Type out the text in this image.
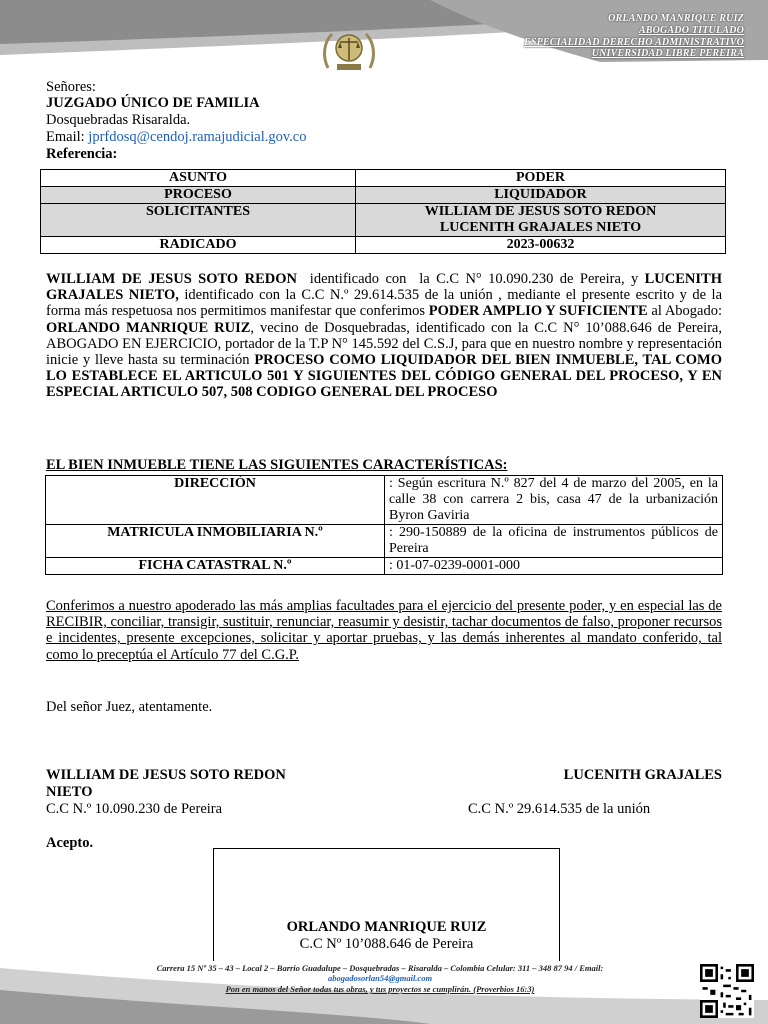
ORLANDO MANRIQUE RUIZ
ABOGADO TITULADO
ESPECIALIDAD DERECHO ADMINISTRATIVO
UNIVERSIDAD LIBRE PEREIRA
Señores:
JUZGADO ÚNICO DE FAMILIA
Dosquebradas Risaralda.
Email: jprfdosq@cendoj.ramajudicial.gov.co
Referencia:
ASUNTO	PODER
PROCESO	LIQUIDADOR
SOLICITANTES	WILLIAM DE JESUS SOTO REDON
LUCENITH GRAJALES NIETO

RADICADO	2023-00632
WILLIAM DE JESUS SOTO REDON  identificado con  la C.C N° 10.090.230 de Pereira, y LUCENITH GRAJALES NIETO, identificado con la C.C N.º 29.614.535 de la unión , mediante el presente escrito y de la forma más respetuosa nos permitimos manifestar que conferimos PODER AMPLIO Y SUFICIENTE al Abogado: ORLANDO MANRIQUE RUIZ, vecino de Dosquebradas, identificado con la C.C N° 10’088.646 de Pereira, ABOGADO EN EJERCICIO, portador de la T.P N° 145.592 del C.S.J, para que en nuestro nombre y representación inicie y lleve hasta su terminación PROCESO COMO LIQUIDADOR DEL BIEN INMUEBLE, TAL COMO LO ESTABLECE EL ARTICULO 501 Y SIGUIENTES DEL CÓDIGO GENERAL DEL PROCESO, Y EN ESPECIAL ARTICULO 507, 508 CODIGO GENERAL DEL PROCESO
EL BIEN INMUEBLE TIENE LAS SIGUIENTES CARACTERÍSTICAS:
DIRECCIÓN	: Según escritura N.º 827 del 4 de marzo del 2005, en la calle 38 con carrera 2 bis, casa 47 de la urbanización Byron Gaviria
MATRICULA INMOBILIARIA N.º	: 290-150889 de la oficina de instrumentos públicos de Pereira
FICHA CATASTRAL N.º	: 01-07-0239-0001-000
Conferimos a nuestro apoderado las más amplias facultades para el ejercicio del presente poder, y en especial las de RECIBIR, conciliar, transigir, sustituir, renunciar, reasumir y desistir, tachar documentos de falso, proponer recursos e incidentes, presente excepciones, solicitar y aportar pruebas, y las demás inherentes al mandato conferido, tal como lo preceptúa el Artículo 77 del C.G.P.
Del señor Juez, atentamente.
WILLIAM DE JESUS SOTO REDON
NIETO
C.C N.º 10.090.230 de Pereira
LUCENITH GRAJALES
C.C N.º 29.614.535 de la unión
Acepto.
ORLANDO MANRIQUE RUIZ
C.C Nº 10’088.646 de Pereira
Carrera 15 Nº 35 – 43 – Local 2 – Barrio Guadalupe – Dosquebradas – Risaralda – Colombia Celular: 311 – 348 87 94 / Email:
abogadosorlan54@gmail.com
Pon en manos del Señor todas tus obras, y tus proyectos se cumplirán. (Proverbios 16:3)
